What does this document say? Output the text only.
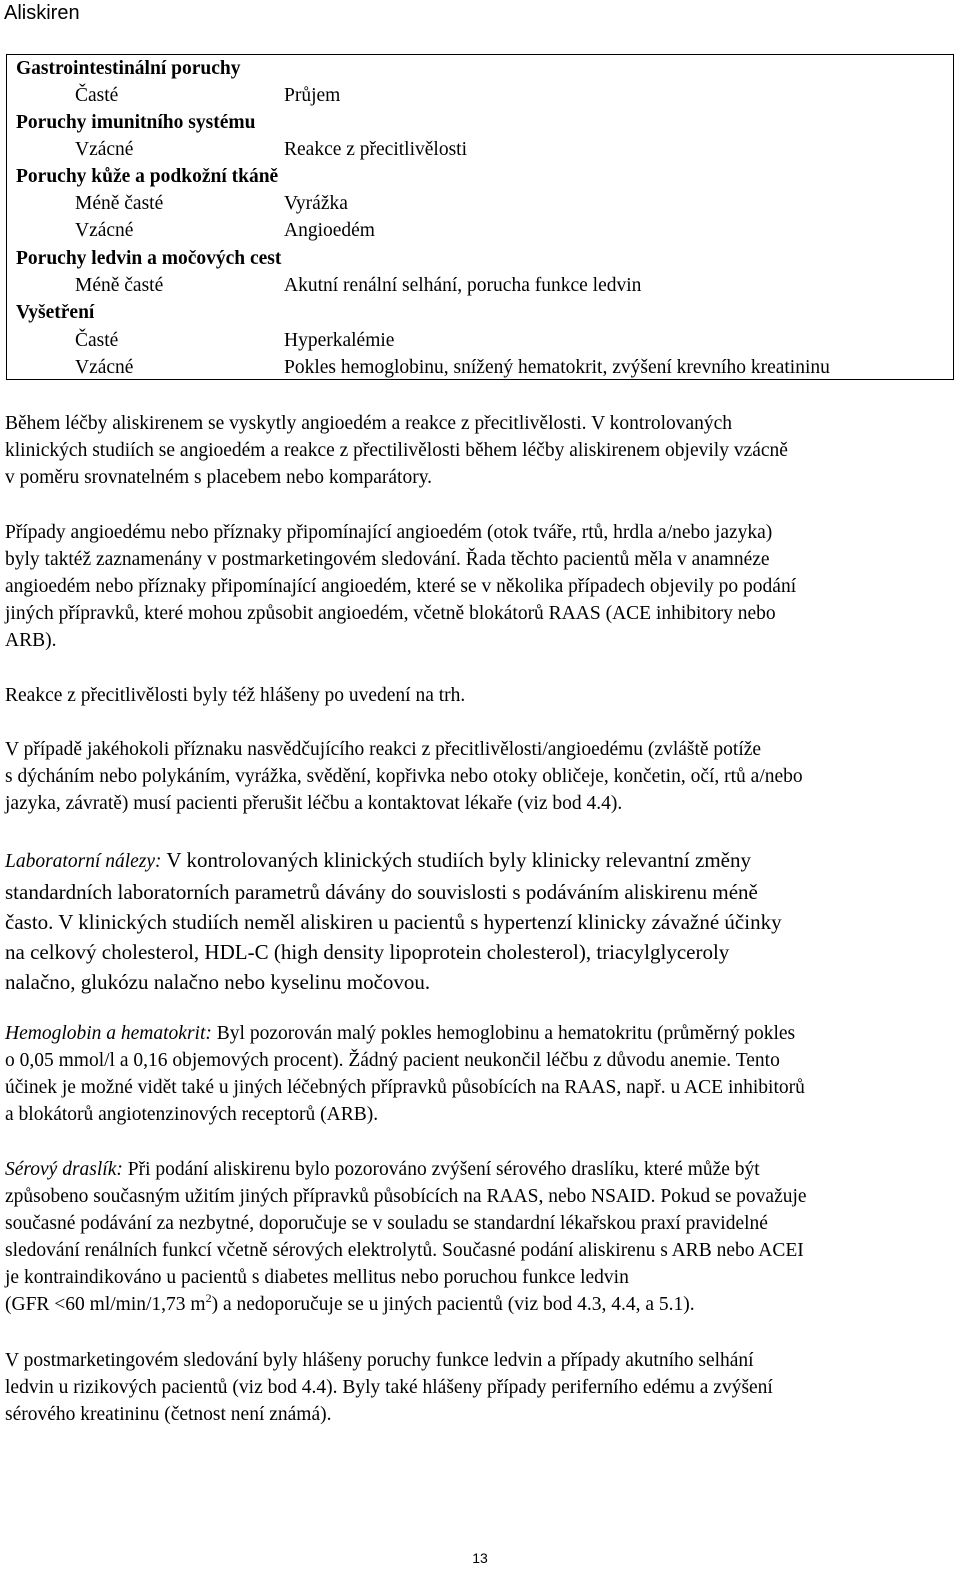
Aliskiren
Gastrointestinální poruchy
Časté	Průjem
Poruchy imunitního systému
Vzácné	Reakce z přecitlivělosti
Poruchy kůže a podkožní tkáně
Méně časté	Vyrážka
Vzácné	Angioedém
Poruchy ledvin a močových cest
Méně časté	Akutní renální selhání, porucha funkce ledvin
Vyšetření
Časté	Hyperkalémie
Vzácné	Pokles hemoglobinu, snížený hematokrit, zvýšení krevního kreatininu
Během léčby aliskirenem se vyskytly angioedém a reakce z přecitlivělosti. V kontrolovaných
klinických studiích se angioedém a reakce z přectilivělosti během léčby aliskirenem objevily vzácně
v poměru srovnatelném s placebem nebo komparátory.
Případy angioedému nebo příznaky připomínající angioedém (otok tváře, rtů, hrdla a/nebo jazyka)
byly taktéž zaznamenány v postmarketingovém sledování. Řada těchto pacientů měla v anamnéze
angioedém nebo příznaky připomínající angioedém, které se v několika případech objevily po podání
jiných přípravků, které mohou způsobit angioedém, včetně blokátorů RAAS (ACE inhibitory nebo
ARB).
Reakce z přecitlivělosti byly též hlášeny po uvedení na trh.
V případě jakéhokoli příznaku nasvědčujícího reakci z přecitlivělosti/angioedému (zvláště potíže
s dýcháním nebo polykáním, vyrážka, svědění, kopřivka nebo otoky obličeje, končetin, očí, rtů a/nebo
jazyka, závratě) musí pacienti přerušit léčbu a kontaktovat lékaře (viz bod 4.4).
Laboratorní nálezy: V kontrolovaných klinických studiích byly klinicky relevantní změny
standardních laboratorních parametrů dávány do souvislosti s podáváním aliskirenu méně
často. V klinických studiích neměl aliskiren u pacientů s hypertenzí klinicky závažné účinky
na celkový cholesterol, HDL-C (high density lipoprotein cholesterol), triacylglyceroly
nalačno, glukózu nalačno nebo kyselinu močovou.
Hemoglobin a hematokrit: Byl pozorován malý pokles hemoglobinu a hematokritu (průměrný pokles
o 0,05 mmol/l a 0,16 objemových procent). Žádný pacient neukončil léčbu z důvodu anemie. Tento
účinek je možné vidět také u jiných léčebných přípravků působících na RAAS, např. u ACE inhibitorů
a blokátorů angiotenzinových receptorů (ARB).
Sérový draslík: Při podání aliskirenu bylo pozorováno zvýšení sérového draslíku, které může být
způsobeno současným užitím jiných přípravků působících na RAAS, nebo NSAID. Pokud se považuje
současné podávání za nezbytné, doporučuje se v souladu se standardní lékařskou praxí pravidelné
sledování renálních funkcí včetně sérových elektrolytů. Současné podání aliskirenu s ARB nebo ACEI
je kontraindikováno u pacientů s diabetes mellitus nebo poruchou funkce ledvin
(GFR <60 ml/min/1,73 $m^2$) a nedoporučuje se u jiných pacientů (viz bod 4.3, 4.4, a 5.1).
V postmarketingovém sledování byly hlášeny poruchy funkce ledvin a případy akutního selhání
ledvin u rizikových pacientů (viz bod 4.4). Byly také hlášeny případy periferního edému a zvýšení
sérového kreatininu (četnost není známá).
13
